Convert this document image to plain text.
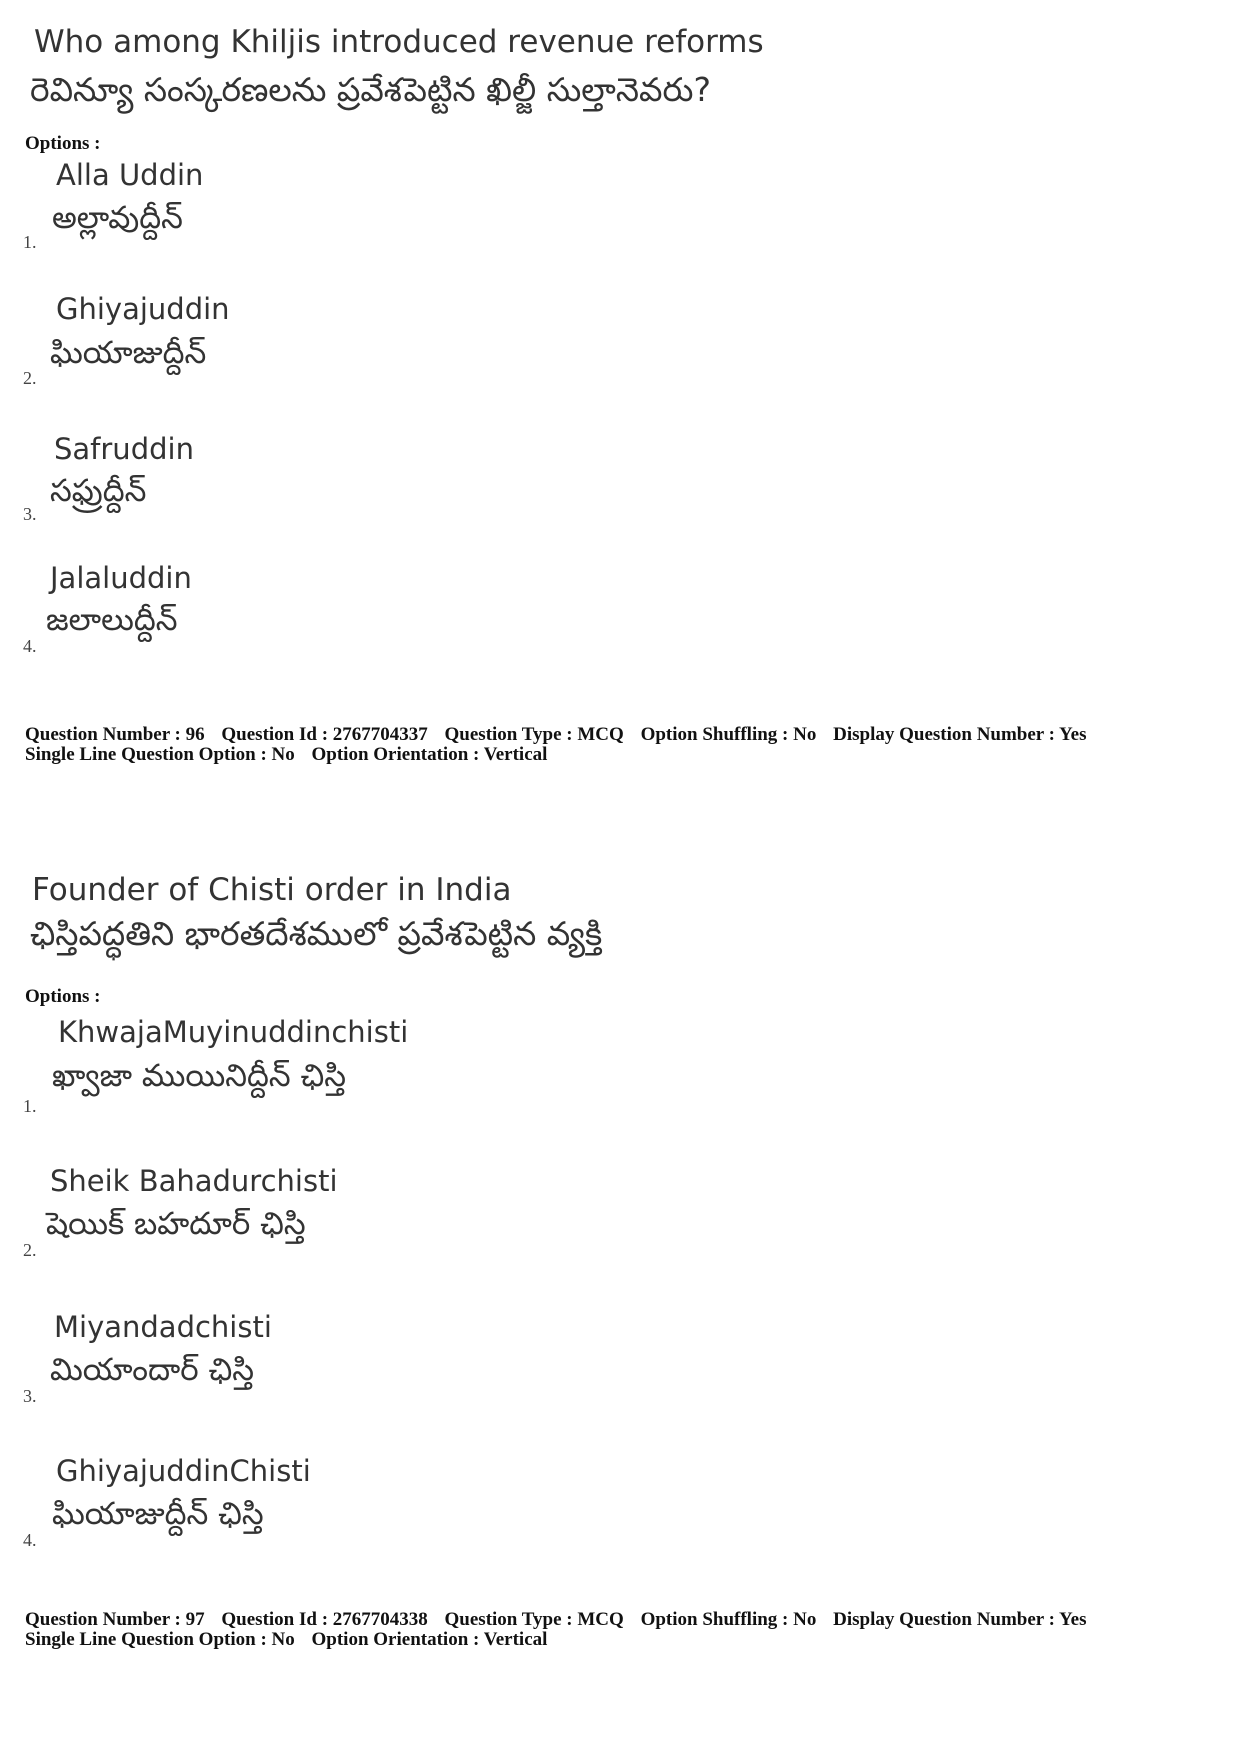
Who among Khiljis introduced revenue reforms
రెవిన్యూ సంస్కరణలను ప్రవేశపెట్టిన ఖిల్జీ సుల్తానెవరు?
Options :
Alla Uddin
అల్లావుద్దీన్
1.
Ghiyajuddin
ఘియాజుద్దీన్
2.
Safruddin
సఫ్రుద్దీన్
3.
Jalaluddin
జలాలుద్దీన్
4.
Question Number : 96 Question Id : 2767704337 Question Type : MCQ Option Shuffling : No Display Question Number : Yes
Single Line Question Option : No Option Orientation : Vertical
Founder of Chisti order in India
ఛిస్తిపద్ధతిని భారతదేశములో ప్రవేశపెట్టిన వ్యక్తి
Options :
KhwajaMuyinuddinchisti
ఖ్వాజా ముయినిద్దీన్ ఛిస్తి
1.
Sheik Bahadurchisti
షెయిక్ బహదూర్ ఛిస్తి
2.
Miyandadchisti
మియాందార్ ఛిస్తి
3.
GhiyajuddinChisti
ఘియాజుద్దీన్ ఛిస్తి
4.
Question Number : 97 Question Id : 2767704338 Question Type : MCQ Option Shuffling : No Display Question Number : Yes
Single Line Question Option : No Option Orientation : Vertical
